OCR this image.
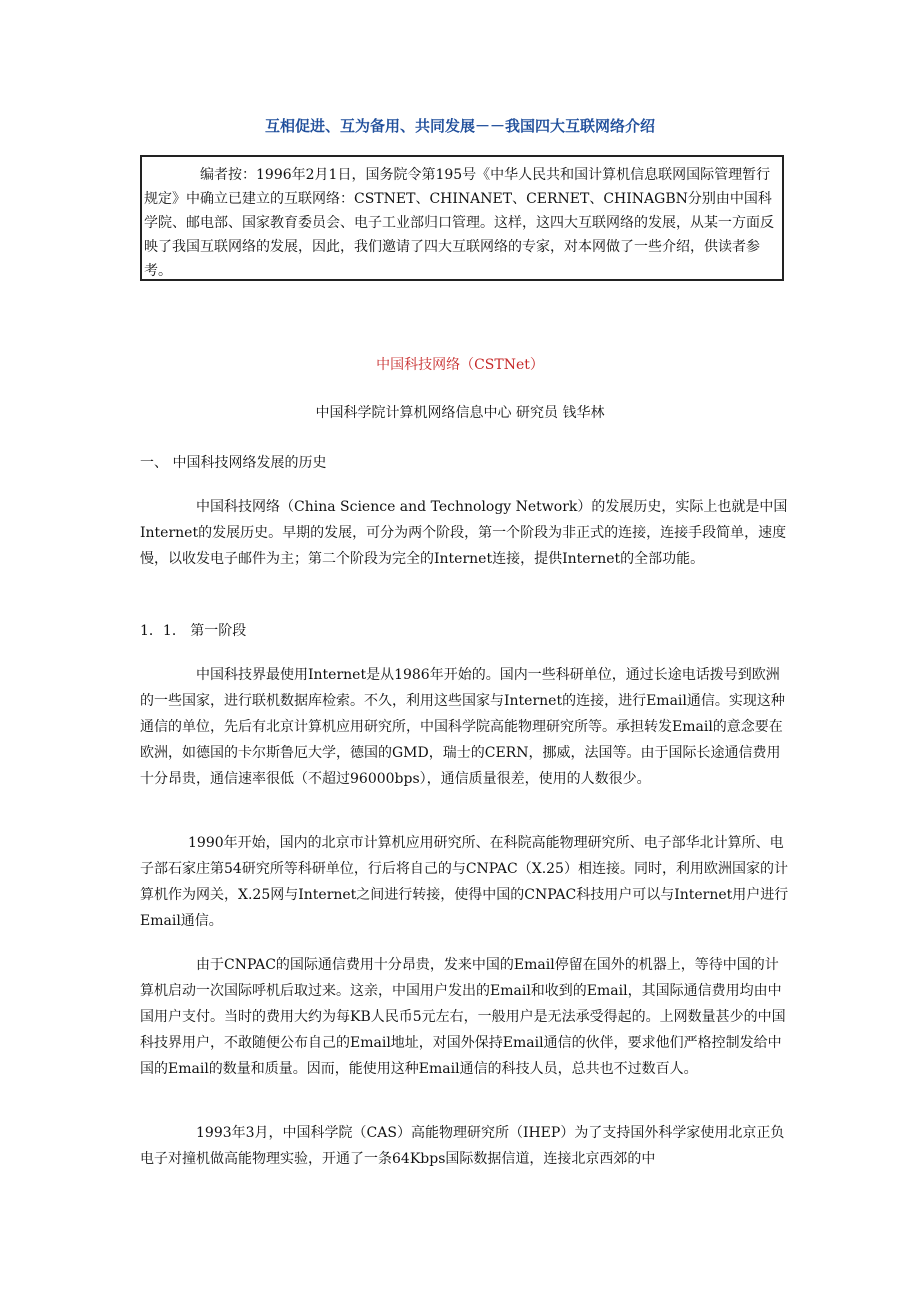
互相促进、互为备用、共同发展－－我国四大互联网络介绍
编者按：1996年2月1日，国务院令第195号《中华人民共和国计算机信息联网国际管理暂行规定》中确立已建立的互联网络：CSTNET、CHINANET、CERNET、CHINAGBN分别由中国科学院、邮电部、国家教育委员会、电子工业部归口管理。这样，这四大互联网络的发展，从某一方面反映了我国互联网络的发展，因此，我们邀请了四大互联网络的专家，对本网做了一些介绍，供读者参考。
中国科技网络（CSTNet）
中国科学院计算机网络信息中心 研究员 钱华林
一、 中国科技网络发展的历史
中国科技网络（China Science and Technology Network）的发展历史，实际上也就是中国Internet的发展历史。早期的发展，可分为两个阶段，第一个阶段为非正式的连接，连接手段简单，速度慢，以收发电子邮件为主；第二个阶段为完全的Internet连接，提供Internet的全部功能。
1．1． 第一阶段
中国科技界最使用Internet是从1986年开始的。国内一些科研单位，通过长途电话拨号到欧洲的一些国家，进行联机数据库检索。不久，利用这些国家与Internet的连接，进行Email通信。实现这种通信的单位，先后有北京计算机应用研究所，中国科学院高能物理研究所等。承担转发Email的意念要在欧洲，如德国的卡尔斯鲁厄大学，德国的GMD，瑞士的CERN，挪威，法国等。由于国际长途通信费用十分昂贵，通信速率很低（不超过96000bps），通信质量很差，使用的人数很少。
1990年开始，国内的北京市计算机应用研究所、在科院高能物理研究所、电子部华北计算所、电子部石家庄第54研究所等科研单位，行后将自己的与CNPAC（X.25）相连接。同时，利用欧洲国家的计算机作为网关，X.25网与Internet之间进行转接，使得中国的CNPAC科技用户可以与Internet用户进行Email通信。
由于CNPAC的国际通信费用十分昂贵，发来中国的Email停留在国外的机器上，等待中国的计算机启动一次国际呼机后取过来。这亲，中国用户发出的Email和收到的Email，其国际通信费用均由中国用户支付。当时的费用大约为每KB人民币5元左右，一般用户是无法承受得起的。上网数量甚少的中国科技界用户，不敢随便公布自己的Email地址，对国外保持Email通信的伙伴，要求他们严格控制发给中国的Email的数量和质量。因而，能使用这种Email通信的科技人员，总共也不过数百人。
1993年3月，中国科学院（CAS）高能物理研究所（IHEP）为了支持国外科学家使用北京正负电子对撞机做高能物理实验，开通了一条64Kbps国际数据信道，连接北京西郊的中
